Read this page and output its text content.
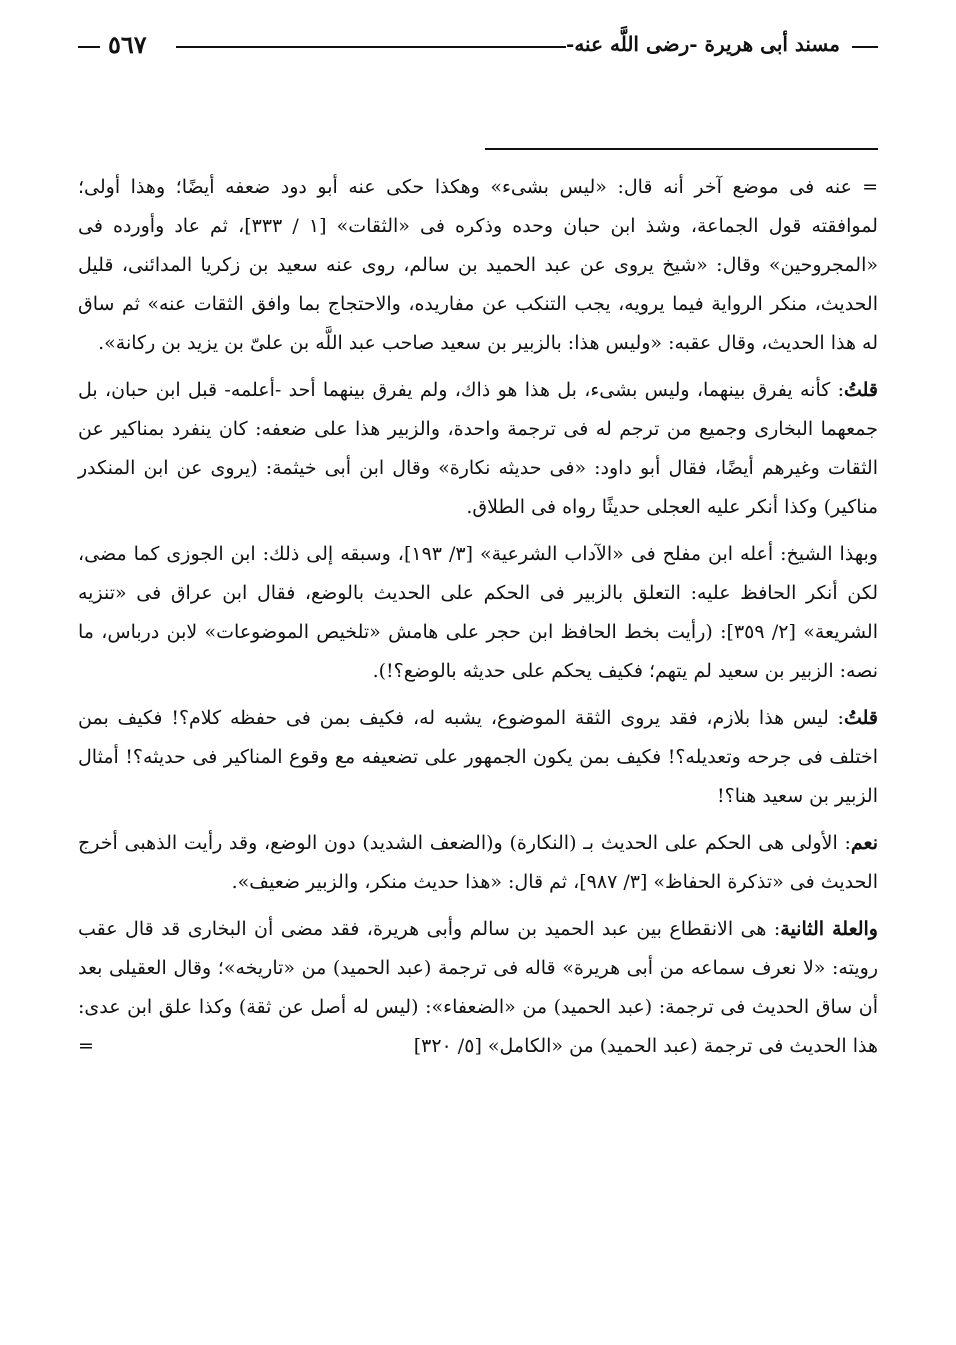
مسند أبى هريرة -رضى اللَّه عنه-
٥٦٧

=عنه فى موضع آخر أنه قال: «ليس بشىء» وهكذا حكى عنه أبو دود ضعفه أيضًا؛ وهذا أولى؛ لموافقته قول الجماعة، وشذ ابن حبان وحده وذكره فى «الثقات» [١ / ٣٣٣]، ثم عاد وأورده فى «المجروحين» وقال: «شيخ يروى عن عبد الحميد بن سالم، روى عنه سعيد بن زكريا المدائنى، قليل الحديث، منكر الرواية فيما يرويه، يجب التنكب عن مفاريده، والاحتجاج بما وافق الثقات عنه» ثم ساق له هذا الحديث، وقال عقبه: «وليس هذا: بالزبير بن سعيد صاحب عبد اللَّه بن علىّ بن يزيد بن ركانة».

قلتُ: كأنه يفرق بينهما، وليس بشىء، بل هذا هو ذاك، ولم يفرق بينهما أحد -أعلمه- قبل ابن حبان، بل جمعهما البخارى وجميع من ترجم له فى ترجمة واحدة، والزبير هذا على ضعفه: كان ينفرد بمناكير عن الثقات وغيرهم أيضًا، فقال أبو داود: «فى حديثه نكارة» وقال ابن أبى خيثمة: (يروى عن ابن المنكدر مناكير) وكذا أنكر عليه العجلى حديثًا رواه فى الطلاق.

وبهذا الشيخ: أعله ابن مفلح فى «الآداب الشرعية» [٣/ ١٩٣]، وسبقه إلى ذلك: ابن الجوزى كما مضى، لكن أنكر الحافظ عليه: التعلق بالزبير فى الحكم على الحديث بالوضع، فقال ابن عراق فى «تنزيه الشريعة» [٢/ ٣٥٩]: (رأيت بخط الحافظ ابن حجر على هامش «تلخيص الموضوعات» لابن درباس، ما نصه: الزبير بن سعيد لم يتهم؛ فكيف يحكم على حديثه بالوضع؟!).

قلتُ: ليس هذا بلازم، فقد يروى الثقة الموضوع، يشبه له، فكيف بمن فى حفظه كلام؟! فكيف بمن اختلف فى جرحه وتعديله؟! فكيف بمن يكون الجمهور على تضعيفه مع وقوع المناكير فى حديثه؟! أمثال الزبير بن سعيد هنا؟!

نعم: الأولى هى الحكم على الحديث بـ (النكارة) و(الضعف الشديد) دون الوضع، وقد رأيت الذهبى أخرج الحديث فى «تذكرة الحفاظ» [٣/ ٩٨٧]، ثم قال: «هذا حديث منكر، والزبير ضعيف».

والعلة الثانية: هى الانقطاع بين عبد الحميد بن سالم وأبى هريرة، فقد مضى أن البخارى قد قال عقب رويته: «لا نعرف سماعه من أبى هريرة» قاله فى ترجمة (عبد الحميد) من «تاريخه»؛ وقال العقيلى بعد أن ساق الحديث فى ترجمة: (عبد الحميد) من «الضعفاء»: (ليس له أصل عن ثقة) وكذا علق ابن عدى: هذا الحديث فى ترجمة (عبد الحميد) من «الكامل» [٥/ ٣٢٠]
=
